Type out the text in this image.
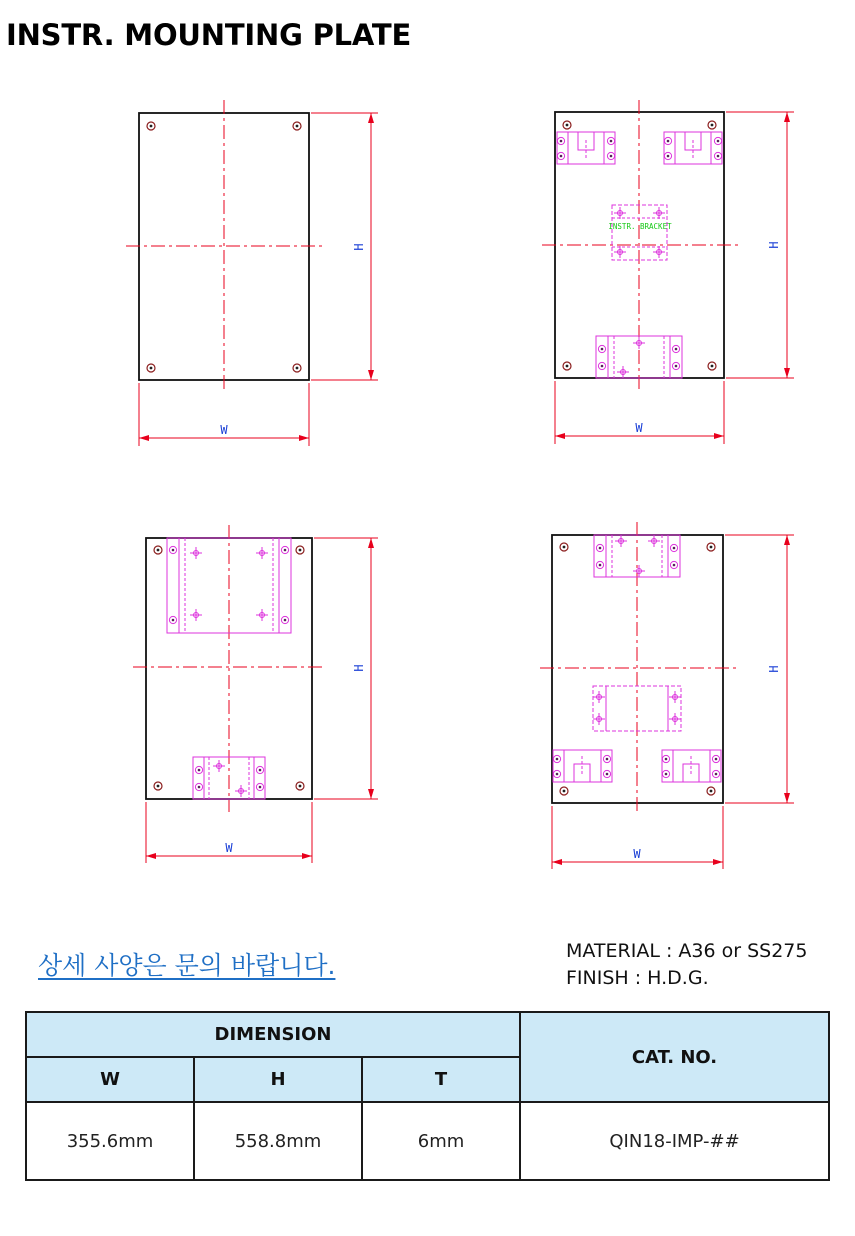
INSTR. MOUNTING PLATE
H
W
INSTR. BRACKET
H
W
H
W
H
W
상세 사양은 문의 바랍니다.	MATERIAL : A36 or SS275
FINISH : H.D.G.
DIMENSION			CAT. NO.
W	H	T	
355.6mm	558.8mm	6mm	QIN18-IMP-##
